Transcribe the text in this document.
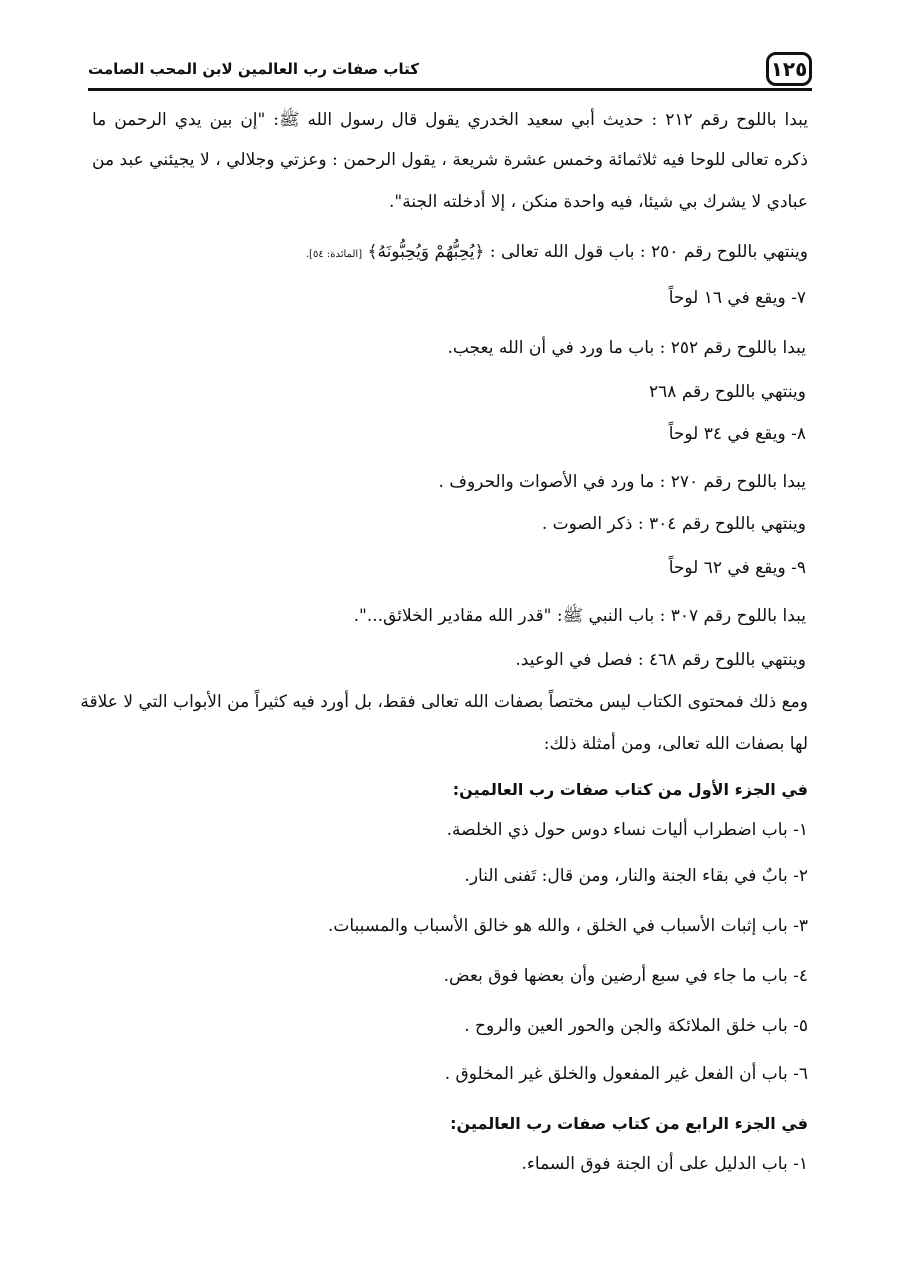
١٢٥
كتاب صفات رب العالمين لابن المحب الصامت
يبدا باللوح رقم ٢١٢ : حديث أبي سعيد الخدري يقول قال رسول الله ﷺ: "إن بين يدي الرحمن ما
ذكره تعالى للوحا فيه ثلاثمائة وخمس عشرة شريعة ، يقول الرحمن : وعزتي وجلالي ، لا يجيئني عبد من
عبادي لا يشرك بي شيئا، فيه واحدة منكن ، إلا أدخلته الجنة".
وينتهي باللوح رقم ٢٥٠ : باب قول الله تعالى : ﴿يُحِبُّهُمْ وَيُحِبُّونَهُ﴾ [المائدة: ٥٤].
٧- ويقع في ١٦ لوحاً
يبدا باللوح رقم ٢٥٢ : باب ما ورد في أن الله يعجب.
وينتهي باللوح رقم ٢٦٨
٨- ويقع في ٣٤ لوحاً
يبدا باللوح رقم ٢٧٠ : ما ورد في الأصوات والحروف .
وينتهي باللوح رقم ٣٠٤ : ذكر الصوت .
٩- ويقع في ٦٢ لوحاً
يبدا باللوح رقم ٣٠٧ : باب النبي ﷺ: "قدر الله مقادير الخلائق...".
وينتهي باللوح رقم ٤٦٨ : فصل في الوعيد.
ومع ذلك فمحتوى الكتاب ليس مختصاً بصفات الله تعالى فقط، بل أورد فيه كثيراً من الأبواب التي لا علاقة
لها بصفات الله تعالى، ومن أمثلة ذلك:
في الجزء الأول من كتاب صفات رب العالمين:
١- باب اضطراب أليات نساء دوس حول ذي الخلصة.
٢- بابٌ في بقاء الجنة والنار، ومن قال: تَفنى النار.
٣- باب إثبات الأسباب في الخلق ، والله هو خالق الأسباب والمسببات.
٤- باب ما جاء في سبع أرضين وأن بعضها فوق بعض.
٥- باب خلق الملائكة والجن والحور العين والروح .
٦- باب أن الفعل غير المفعول والخلق غير المخلوق .
في الجزء الرابع من كتاب صفات رب العالمين:
١- باب الدليل على أن الجنة فوق السماء.
